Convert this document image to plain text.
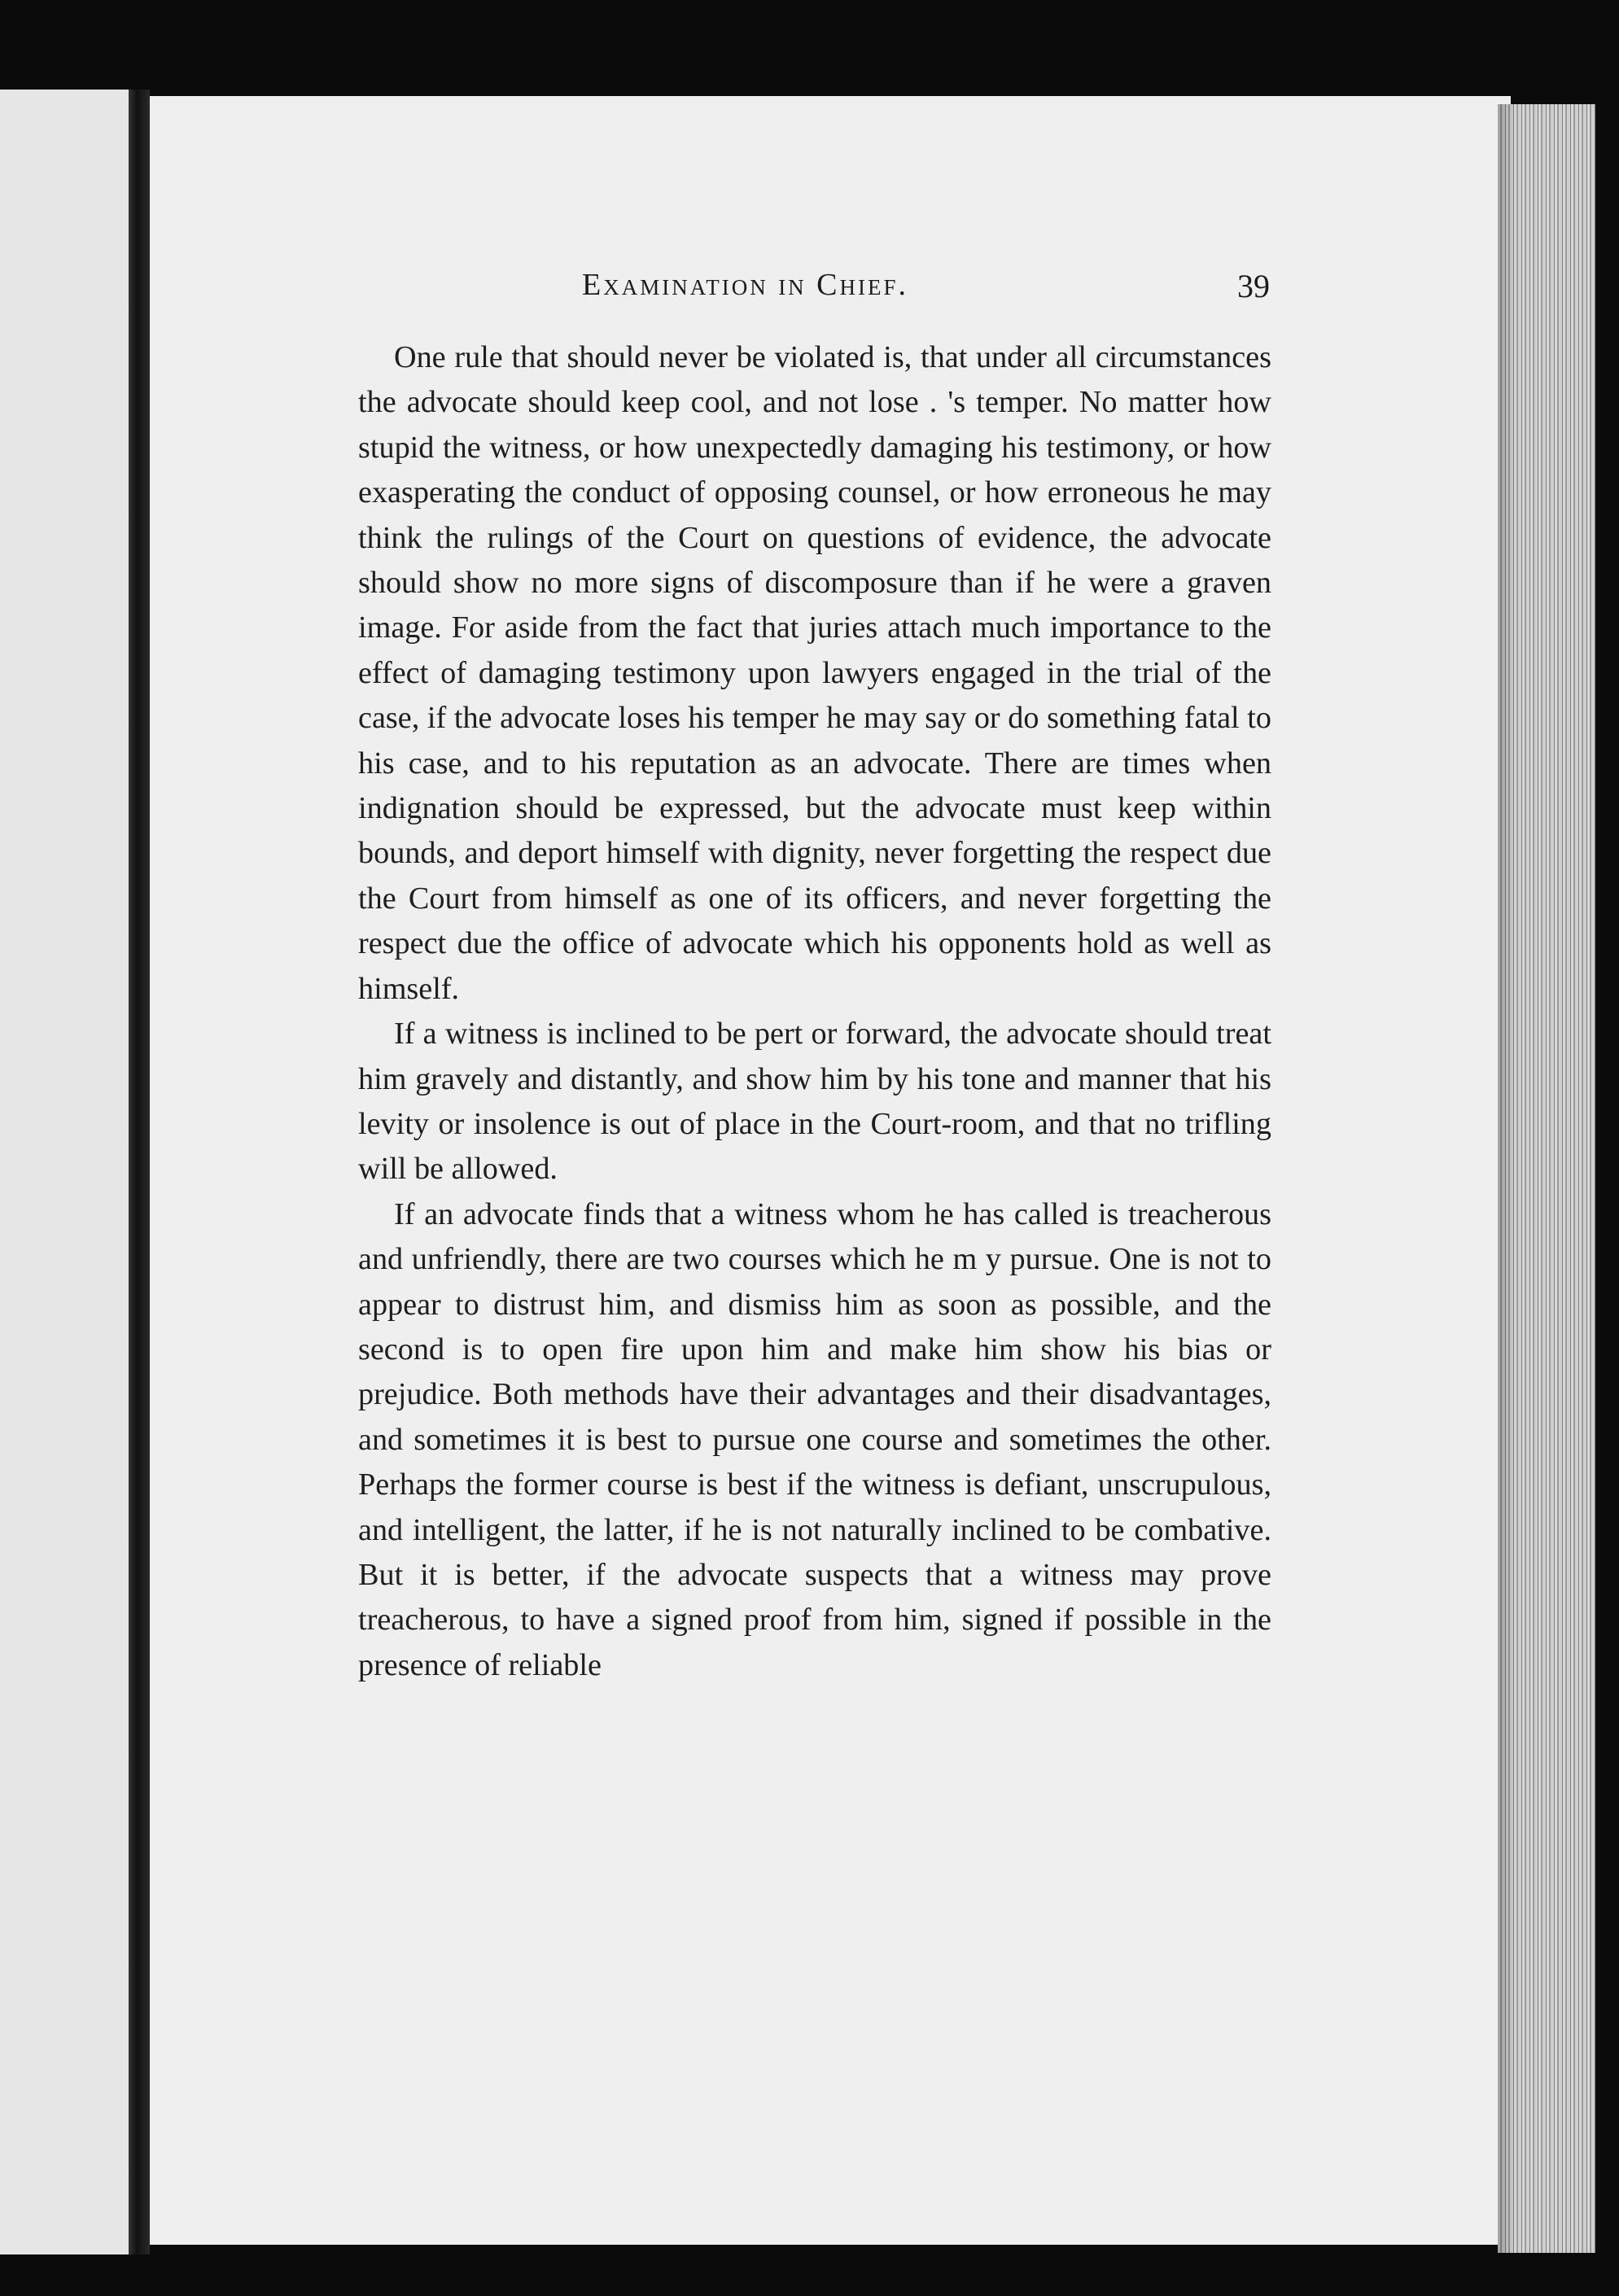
Examination in Chief.	39

One rule that should never be violated is, that under all circumstances the advocate should keep cool, and not lose . 's temper. No matter how stupid the witness, or how unexpectedly damaging his testimony, or how exasperating the conduct of opposing counsel, or how erroneous he may think the rulings of the Court on questions of evidence, the advocate should show no more signs of discomposure than if he were a graven image. For aside from the fact that juries attach much importance to the effect of damaging testimony upon lawyers engaged in the trial of the case, if the advocate loses his temper he may say or do something fatal to his case, and to his reputation as an advocate. There are times when indignation should be expressed, but the advocate must keep within bounds, and deport himself with dignity, never forgetting the respect due the Court from himself as one of its officers, and never forgetting the respect due the office of advocate which his opponents hold as well as himself.

If a witness is inclined to be pert or forward, the advocate should treat him gravely and distantly, and show him by his tone and manner that his levity or insolence is out of place in the Court-room, and that no trifling will be allowed.

If an advocate finds that a witness whom he has called is treacherous and unfriendly, there are two courses which he m y pursue. One is not to appear to distrust him, and dismiss him as soon as possible, and the second is to open fire upon him and make him show his bias or prejudice. Both methods have their advantages and their disadvantages, and sometimes it is best to pursue one course and sometimes the other. Perhaps the former course is best if the witness is defiant, unscrupulous, and intelligent, the latter, if he is not naturally inclined to be combative. But it is better, if the advocate suspects that a witness may prove treacherous, to have a signed proof from him, signed if possible in the presence of reliable
